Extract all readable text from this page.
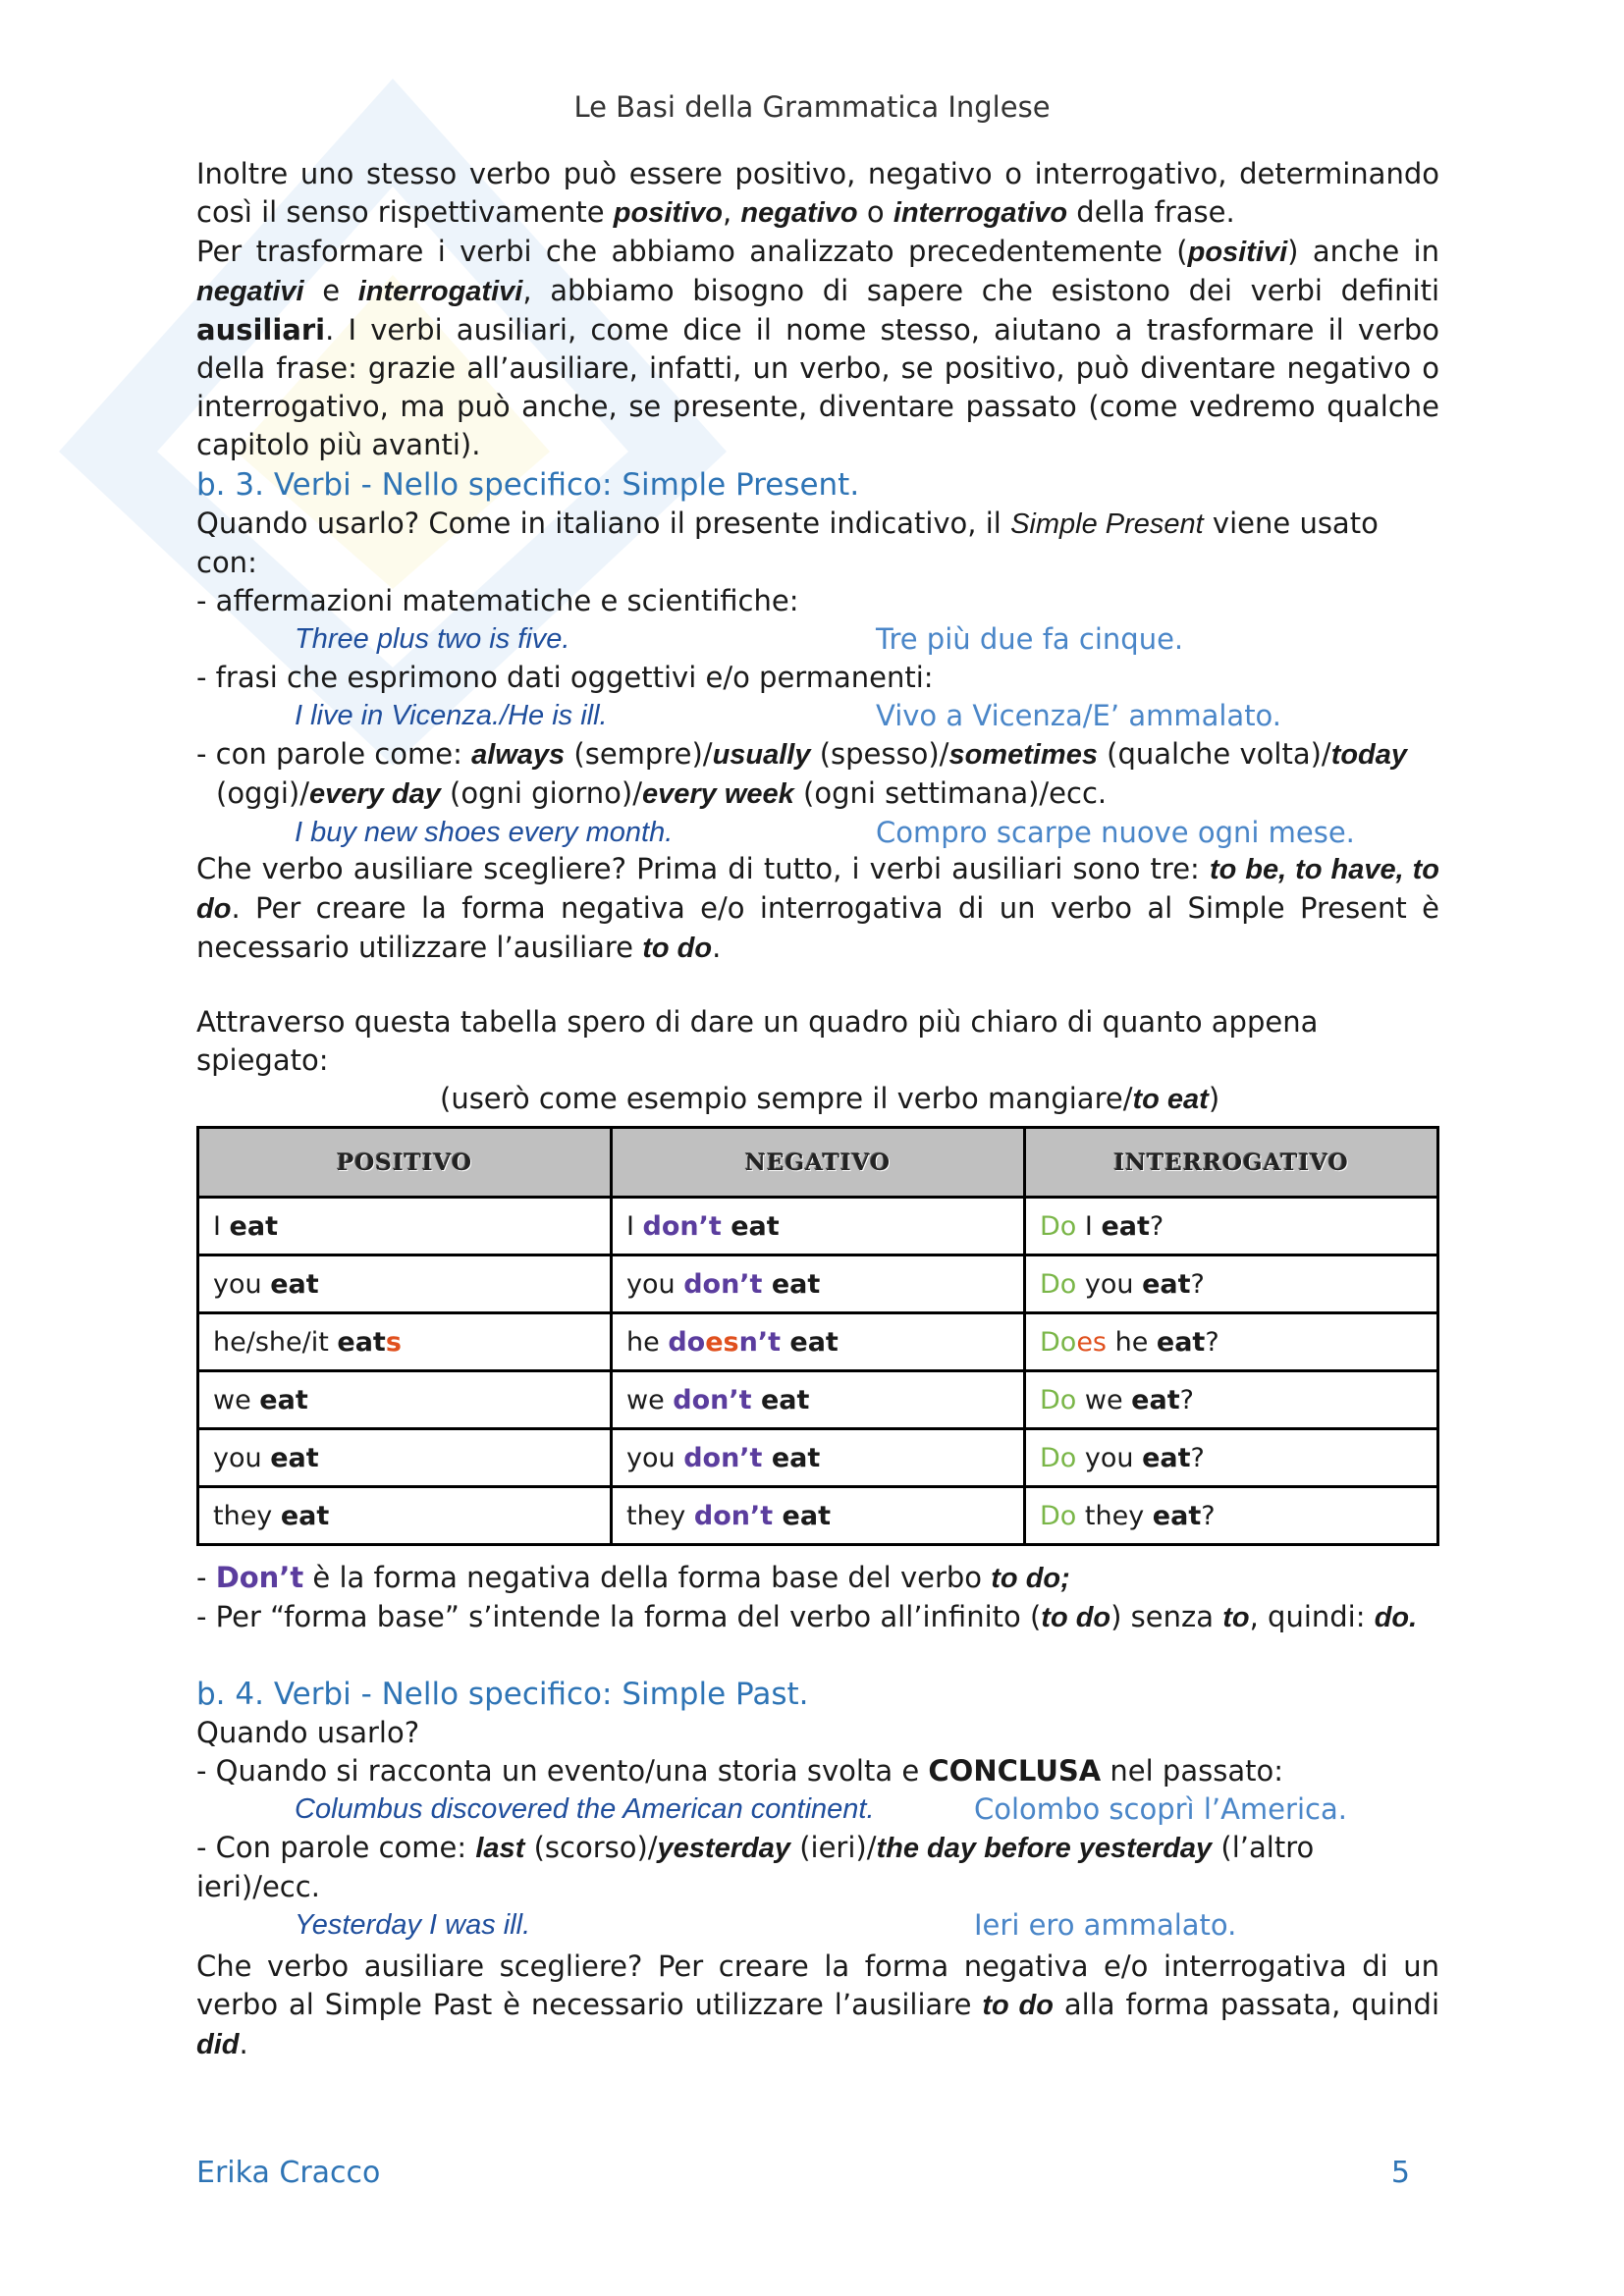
Le Basi della Grammatica Inglese

Inoltre uno stesso verbo può essere positivo, negativo o interrogativo, determinando così il senso rispettivamente positivo, negativo o interrogativo della frase.

Per trasformare i verbi che abbiamo analizzato precedentemente (positivi) anche in negativi e interrogativi, abbiamo bisogno di sapere che esistono dei verbi definiti ausiliari. I verbi ausiliari, come dice il nome stesso, aiutano a trasformare il verbo della frase: grazie all’ausiliare, infatti, un verbo, se positivo, può diventare negativo o interrogativo, ma può anche, se presente, diventare passato (come vedremo qualche capitolo più avanti).

b. 3. Verbi - Nello specifico: Simple Present.

Quando usarlo? Come in italiano il presente indicativo, il Simple Present viene usato con:

- affermazioni matematiche e scientifiche:

Three plus two is five.	Tre più due fa cinque.

- frasi che esprimono dati oggettivi e/o permanenti:

I live in Vicenza./He is ill.	Vivo a Vicenza/E’ ammalato.

- con parole come: always (sempre)/usually (spesso)/sometimes (qualche volta)/today

(oggi)/every day (ogni giorno)/every week (ogni settimana)/ecc.

I buy new shoes every month.	Compro scarpe nuove ogni mese.

Che verbo ausiliare scegliere? Prima di tutto, i verbi ausiliari sono tre: to be, to have, to do. Per creare la forma negativa e/o interrogativa di un verbo al Simple Present è necessario utilizzare l’ausiliare to do.

Attraverso questa tabella spero di dare un quadro più chiaro di quanto appena spiegato:

(userò come esempio sempre il verbo mangiare/to eat)

POSITIVO	NEGATIVO	INTERROGATIVO
I eat	I don’t eat	Do I eat?
you eat	you don’t eat	Do you eat?
he/she/it eats	he doesn’t eat	Does he eat?
we eat	we don’t eat	Do we eat?
you eat	you don’t eat	Do you eat?
they eat	they don’t eat	Do they eat?

- Don’t è la forma negativa della forma base del verbo to do;

- Per “forma base” s’intende la forma del verbo all’infinito (to do) senza to, quindi: do.

b. 4. Verbi - Nello specifico: Simple Past.

Quando usarlo?

- Quando si racconta un evento/una storia svolta e CONCLUSA nel passato:

Columbus discovered the American continent.	Colombo scoprì l’America.

- Con parole come: last (scorso)/yesterday (ieri)/the day before yesterday (l’altro ieri)/ecc.

Yesterday I was ill.	Ieri ero ammalato.

Che verbo ausiliare scegliere? Per creare la forma negativa e/o interrogativa di un verbo al Simple Past è necessario utilizzare l’ausiliare to do alla forma passata, quindi did.

Erika Cracco	5
